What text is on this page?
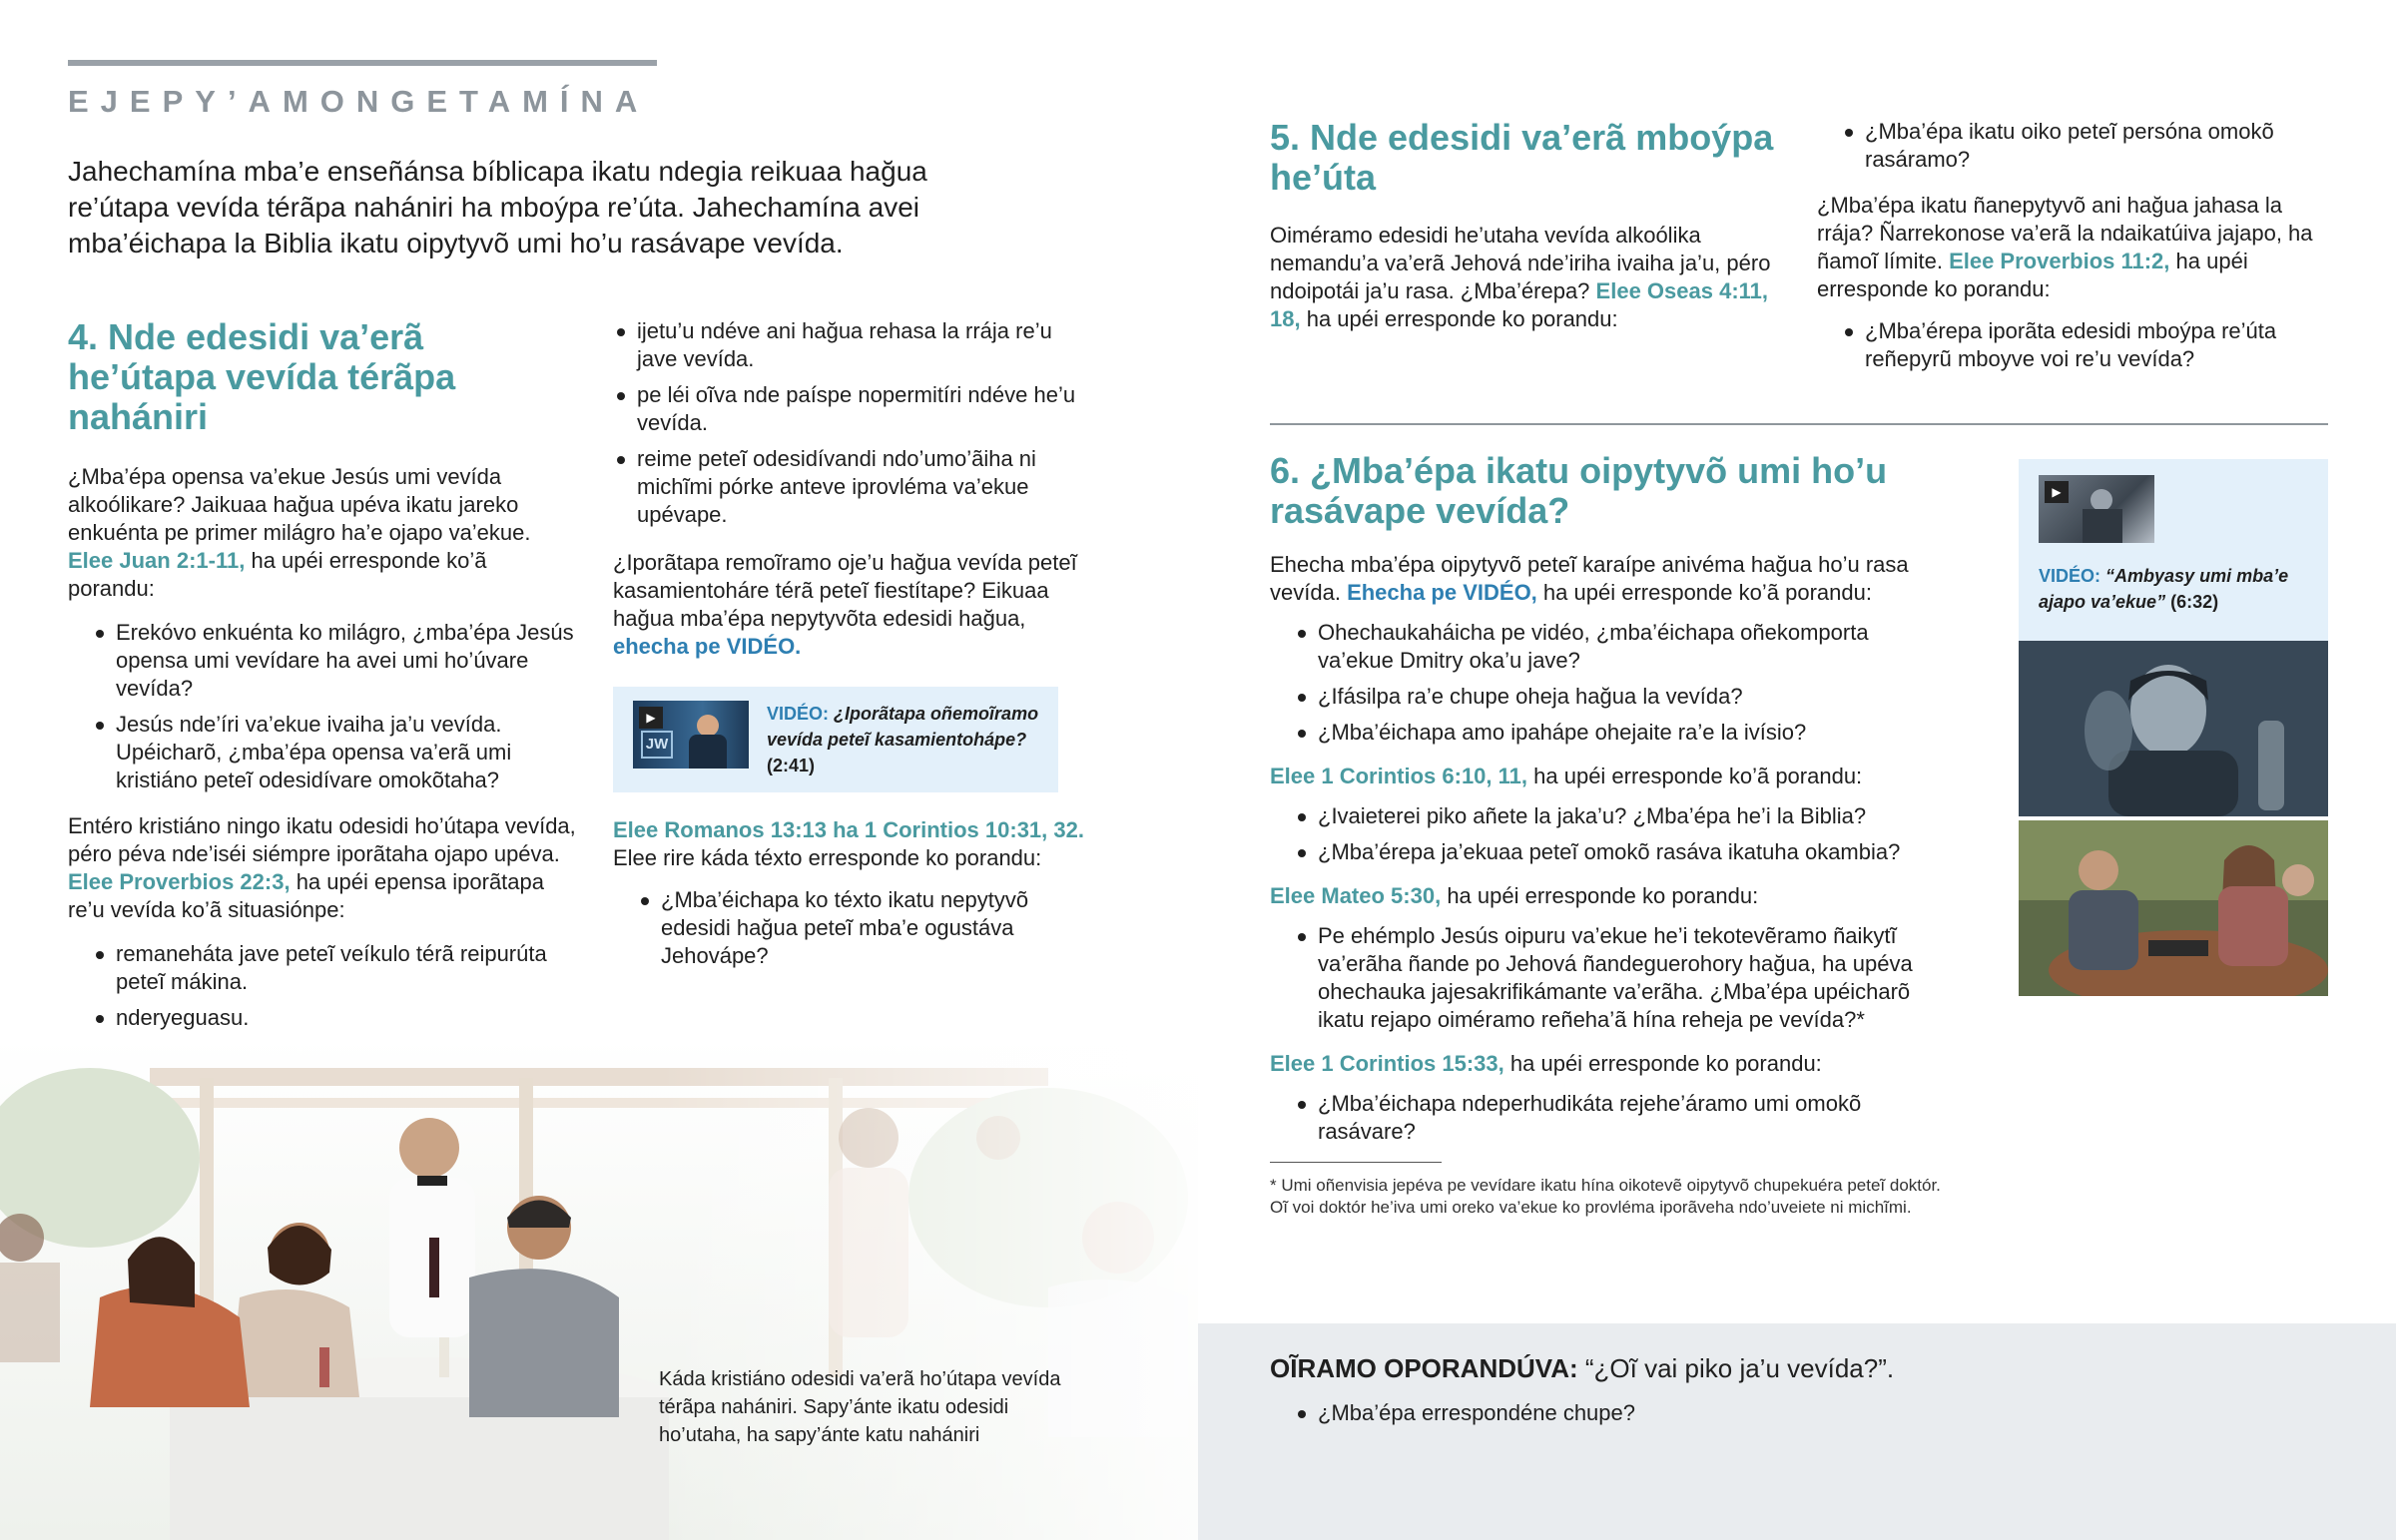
EJEPY’AMONGETAMÍNA

Jahechamína mba’e enseñánsa bíblicapa ikatu ndegia reikuaa hağua re’útapa vevída térãpa nahániri ha mboýpa re’úta. Jahechamína avei mba’éichapa la Biblia ikatu oipytyvõ umi ho’u rasávape vevída.

4. Nde edesidi va’erã he’útapa vevída térãpa nahániri

¿Mba’épa opensa va’ekue Jesús umi vevída alkoólikare? Jaikuaa hağua upéva ikatu jareko enkuénta pe primer milágro ha’e ojapo va’ekue. Elee Juan 2:1-11, ha upéi erresponde ko’ã porandu:

Erekóvo enkuénta ko milágro, ¿mba’épa Jesús opensa umi vevídare ha avei umi ho’úvare vevída?
Jesús nde’íri va’ekue ivaiha ja’u vevída. Upéicharõ, ¿mba’épa opensa va’erã umi kristiáno peteĩ odesidívare omokõtaha?

Entéro kristiáno ningo ikatu odesidi ho’útapa vevída, péro péva nde’iséi siémpre iporãtaha ojapo upéva. Elee Proverbios 22:3, ha upéi epensa iporãtapa re’u vevída ko’ã situasiónpe:

remaneháta jave peteĩ veíkulo térã reipurúta peteĩ mákina.
nderyeguasu.
ijetu’u ndéve ani hağua rehasa la rrája re’u jave vevída.
pe léi oĩva nde paíspe nopermitíri ndéve he’u vevída.
reime peteĩ odesidívandi ndo’umo’ãiha ni michĩmi pórke anteve iprovléma va’ekue upévape.

¿Iporãtapa remoĩramo oje’u hağua vevída peteĩ kasamientoháre térã peteĩ fiestítape? Eikuaa hağua mba’épa nepytyvõta edesidi hağua, ehecha pe VIDÉO.

▶
JW
VIDÉO: ¿Iporãtapa oñemoĩramo vevída peteĩ kasamientohápe? (2:41)

Elee Romanos 13:13 ha 1 Corintios 10:31, 32.

Elee rire káda téxto erresponde ko porandu:

¿Mba’éichapa ko téxto ikatu nepytyvõ edesidi hağua peteĩ mba’e ogustáva Jehovápe?

Káda kristiáno odesidi va’erã ho’útapa vevída térãpa nahániri. Sapy’ánte ikatu odesidi ho’utaha, ha sapy’ánte katu nahániri

5. Nde edesidi va’erã mboýpa he’úta

Oiméramo edesidi he’utaha vevída alkoólika nemandu’a va’erã Jehová nde’iriha ivaiha ja’u, péro ndoipotái ja’u rasa. ¿Mba’érepa? Elee Oseas 4:11, 18, ha upéi erresponde ko porandu:

¿Mba’épa ikatu oiko peteĩ persóna omokõ rasáramo?

¿Mba’épa ikatu ñanepytyvõ ani hağua jahasa la rrája? Ñarrekonose va’erã la ndaikatúiva jajapo, ha ñamoĩ límite. Elee Proverbios 11:2, ha upéi erresponde ko porandu:

¿Mba’érepa iporãta edesidi mboýpa re’úta reñepyrũ mboyve voi re’u vevída?
6. ¿Mba’épa ikatu oipytyvõ umi ho’u rasávape vevída?

Ehecha mba’épa oipytyvõ peteĩ karaípe anivéma hağua ho’u rasa vevída. Ehecha pe VIDÉO, ha upéi erresponde ko’ã porandu:

Ohechaukaháicha pe vidéo, ¿mba’éichapa oñekomporta va’ekue Dmitry oka’u jave?
¿Ifásilpa ra’e chupe oheja hağua la vevída?
¿Mba’éichapa amo ipahápe ohejaite ra’e la ivísio?

Elee 1 Corintios 6:10, 11, ha upéi erresponde ko’ã porandu:

¿Ivaieterei piko añete la jaka’u? ¿Mba’épa he’i la Biblia?
¿Mba’érepa ja’ekuaa peteĩ omokõ rasáva ikatuha okambia?

Elee Mateo 5:30, ha upéi erresponde ko porandu:

Pe ehémplo Jesús oipuru va’ekue he’i tekotevẽramo ñaikytĩ va’erãha ñande po Jehová ñandeguerohory hağua, ha upéva ohechauka jajesakrifikámante va’erãha. ¿Mba’épa upéicharõ ikatu rejapo oiméramo reñeha’ã hína reheja pe vevída?*

Elee 1 Corintios 15:33, ha upéi erresponde ko porandu:

¿Mba’éichapa ndeperhudikáta rejehe’áramo umi omokõ rasávare?

* Umi oñenvisia jepéva pe vevídare ikatu hína oikotevẽ oipytyvõ chupekuéra peteĩ doktór. Oĩ voi doktór he’iva umi oreko va’ekue ko provléma iporãveha ndo’uveiete ni michĩmi.

▶

VIDÉO: “Ambyasy umi mba’e ajapo va’ekue” (6:32)

OĨRAMO OPORANDÚVA: “¿Oĩ vai piko ja’u vevída?”.

¿Mba’épa errespondéne chupe?
